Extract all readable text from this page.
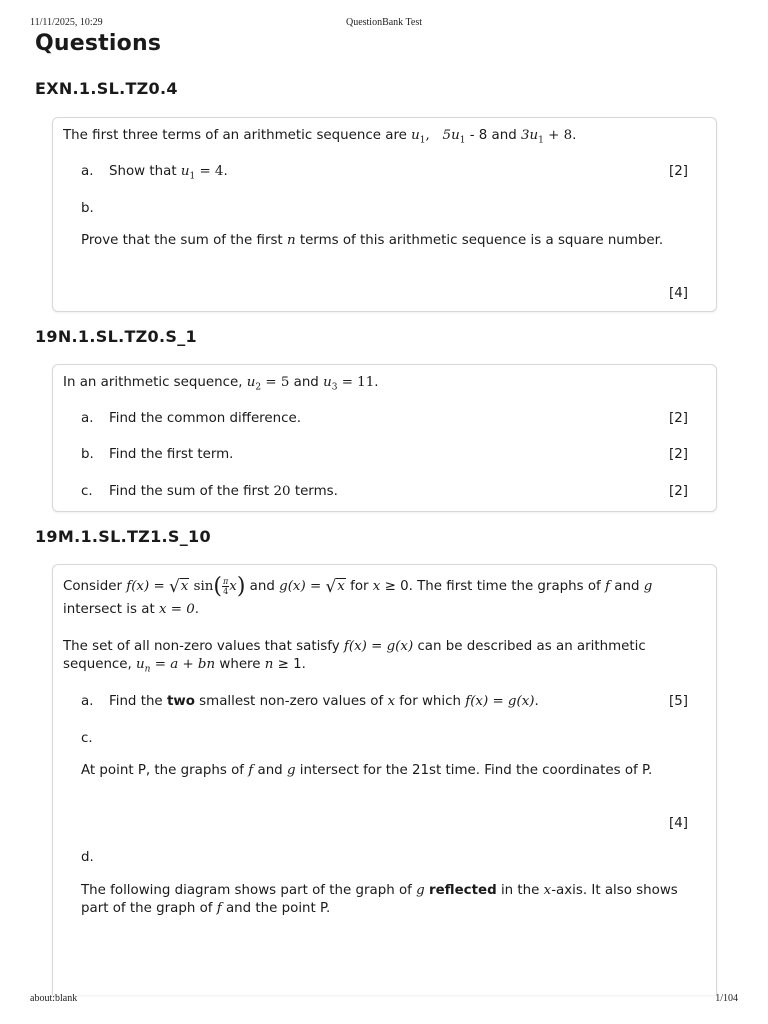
11/11/2025, 10:29	QuestionBank Test
Questions
EXN.1.SL.TZ0.4
The first three terms of an arithmetic sequence are $u_1$,   $5u_1 - 8$ and $3u_1 + 8$.
a. Show that $u_1 = 4$.	[2]
b.
Prove that the sum of the first n terms of this arithmetic sequence is a square number.
[4]
19N.1.SL.TZ0.S_1
In an arithmetic sequence, $u_2 = 5$ and $u_3 = 11$.
a. Find the common difference.	[2]
b. Find the first term.	[2]
c. Find the sum of the first 20 terms.	[2]
19M.1.SL.TZ1.S_10
Consider f(x) = √x $\sin( \frac{\pi}{4} x)$ and g(x) = √x for x ≥ 0. The first time the graphs of f and g
intersect is at x = 0.
The set of all non-zero values that satisfy f(x) = g(x) can be described as an arithmetic sequence, $u_n = a$ + bn where n ≥ 1.
a. Find the two smallest non-zero values of x for which f(x) = g(x).	[5]
c.
At point P, the graphs of f and g intersect for the 21st time. Find the coordinates of P.
[4]
d.
The following diagram shows part of the graph of g reflected in the x-axis. It also shows part of the graph of f and the point P.
about:blank	1/104
